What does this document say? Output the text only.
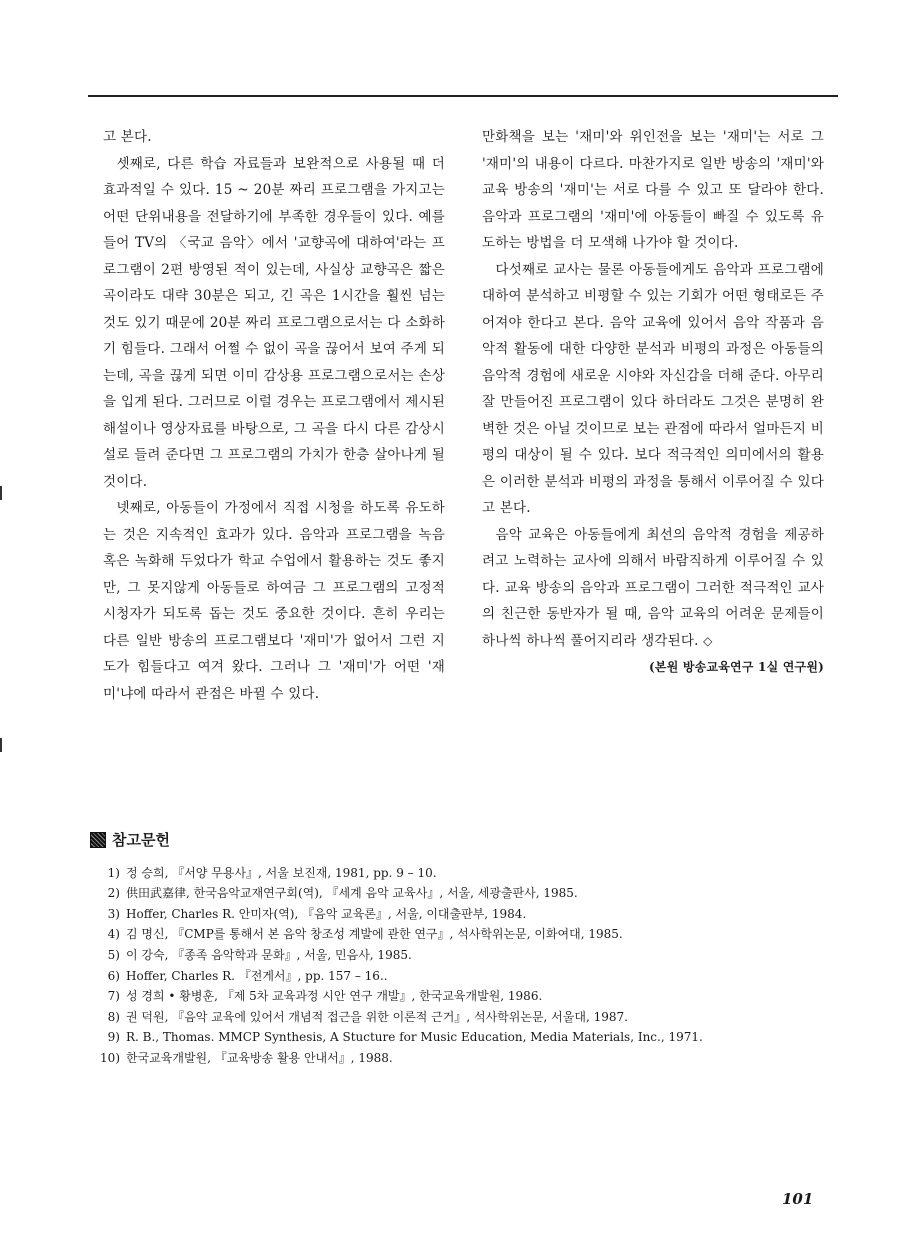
고 본다.

셋째로, 다른 학습 자료들과 보완적으로 사용될 때 더 효과적일 수 있다. 15 ~ 20분 짜리 프로그램을 가지고는 어떤 단위내용을 전달하기에 부족한 경우들이 있다. 예를 들어 TV의 〈국교 음악〉에서 '교향곡에 대하여'라는 프로그램이 2편 방영된 적이 있는데, 사실상 교향곡은 짧은 곡이라도 대략 30분은 되고, 긴 곡은 1시간을 훨씬 넘는 것도 있기 때문에 20분 짜리 프로그램으로서는 다 소화하기 힘들다. 그래서 어쩔 수 없이 곡을 끊어서 보여 주게 되는데, 곡을 끊게 되면 이미 감상용 프로그램으로서는 손상을 입게 된다. 그러므로 이럴 경우는 프로그램에서 제시된 해설이나 영상자료를 바탕으로, 그 곡을 다시 다른 감상시설로 들려 준다면 그 프로그램의 가치가 한층 살아나게 될 것이다.

넷째로, 아동들이 가정에서 직접 시청을 하도록 유도하는 것은 지속적인 효과가 있다. 음악과 프로그램을 녹음 혹은 녹화해 두었다가 학교 수업에서 활용하는 것도 좋지만, 그 못지않게 아동들로 하여금 그 프로그램의 고정적 시청자가 되도록 돕는 것도 중요한 것이다. 흔히 우리는 다른 일반 방송의 프로그램보다 '재미'가 없어서 그런 지도가 힘들다고 여겨 왔다. 그러나 그 '재미'가 어떤 '재미'냐에 따라서 관점은 바뀔 수 있다.

만화책을 보는 '재미'와 위인전을 보는 '재미'는 서로 그 '재미'의 내용이 다르다. 마찬가지로 일반 방송의 '재미'와 교육 방송의 '재미'는 서로 다를 수 있고 또 달라야 한다. 음악과 프로그램의 '재미'에 아동들이 빠질 수 있도록 유도하는 방법을 더 모색해 나가야 할 것이다.

다섯째로 교사는 물론 아동들에게도 음악과 프로그램에 대하여 분석하고 비평할 수 있는 기회가 어떤 형태로든 주어져야 한다고 본다. 음악 교육에 있어서 음악 작품과 음악적 활동에 대한 다양한 분석과 비평의 과정은 아동들의 음악적 경험에 새로운 시야와 자신감을 더해 준다. 아무리 잘 만들어진 프로그램이 있다 하더라도 그것은 분명히 완벽한 것은 아닐 것이므로 보는 관점에 따라서 얼마든지 비평의 대상이 될 수 있다. 보다 적극적인 의미에서의 활용은 이러한 분석과 비평의 과정을 통해서 이루어질 수 있다고 본다.

음악 교육은 아동들에게 최선의 음악적 경험을 제공하려고 노력하는 교사에 의해서 바람직하게 이루어질 수 있다. 교육 방송의 음악과 프로그램이 그러한 적극적인 교사의 친근한 동반자가 될 때, 음악 교육의 어려운 문제들이 하나씩 하나씩 풀어지리라 생각된다. ◇

(본원 방송교육연구 1실 연구원)

참고문헌
1) 정 승희, 『서양 무용사』, 서울 보진재, 1981, pp. 9 – 10.
2) 供田武嘉律, 한국음악교재연구회(역), 『세계 음악 교육사』, 서울, 세광출판사, 1985.
3) Hoffer, Charles R. 안미자(역), 『음악 교육론』, 서울, 이대출판부, 1984.
4) 김 명신, 『CMP를 통해서 본 음악 창조성 계발에 관한 연구』, 석사학위논문, 이화여대, 1985.
5) 이 강숙, 『종족 음악학과 문화』, 서울, 민음사, 1985.
6) Hoffer, Charles R. 『전게서』, pp. 157 – 16..
7) 성 경희 • 황병훈, 『제 5차 교육과정 시안 연구 개발』, 한국교육개발원, 1986.
8) 권 덕원, 『음악 교육에 있어서 개념적 접근을 위한 이론적 근거』, 석사학위논문, 서울대, 1987.
9) R. B., Thomas. MMCP Synthesis, A Stucture for Music Education, Media Materials, Inc., 1971.
10) 한국교육개발원, 『교육방송 활용 안내서』, 1988.
101
